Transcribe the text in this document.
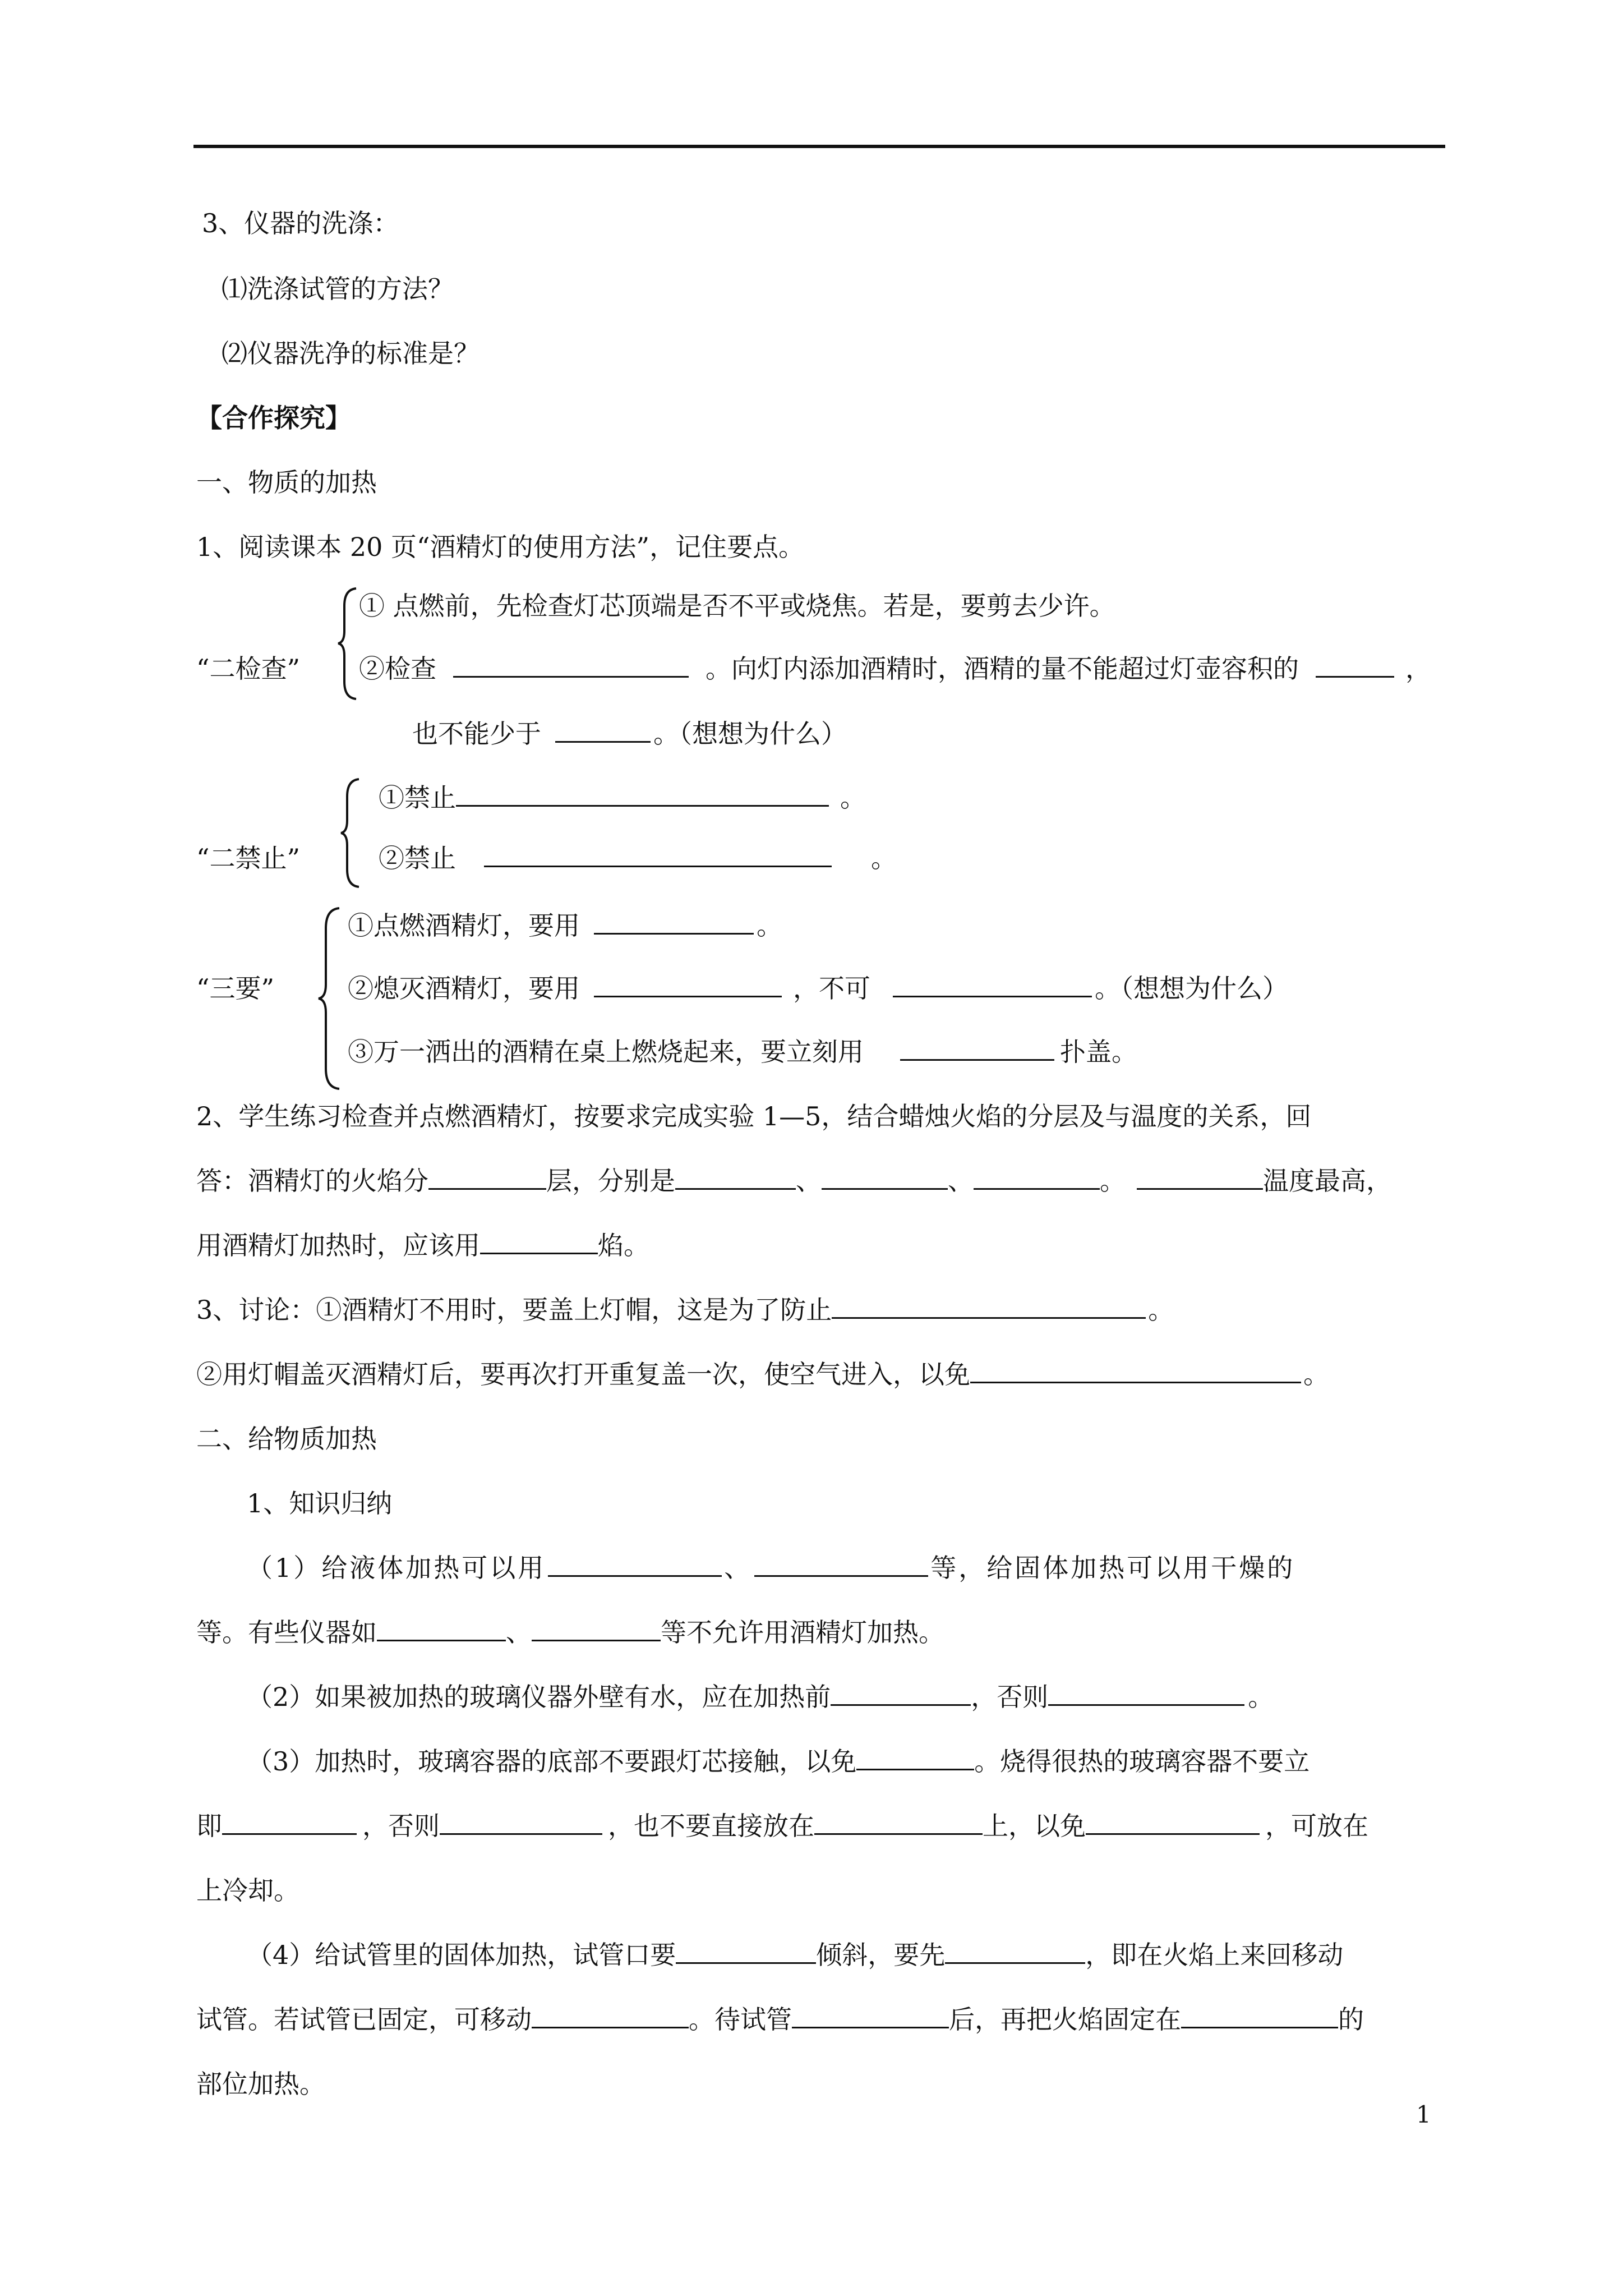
3、仪器的洗涤：
⑴洗涤试管的方法？
⑵仪器洗净的标准是？
【合作探究】
一、物质的加热
1、阅读课本 20 页“酒精灯的使用方法”，记住要点。
“二检查”
① 点燃前，先检查灯芯顶端是否不平或烧焦。若是，要剪去少许。
②检查	。向灯内添加酒精时，酒精的量不能超过灯壶容积的	，
也不能少于	。（想想为什么）
“二禁止”
①禁止	。
②禁止	。
“三要”
①点燃酒精灯，要用	。
②熄灭酒精灯，要用	，不可	。（想想为什么）
③万一洒出的酒精在桌上燃烧起来，要立刻用	扑盖。
2、学生练习检查并点燃酒精灯，按要求完成实验 1—5，结合蜡烛火焰的分层及与温度的关系，回
答：酒精灯的火焰分	层，分别是	、	、	。	温度最高，
用酒精灯加热时，应该用	焰。
3、讨论：①酒精灯不用时，要盖上灯帽，这是为了防止	。
②用灯帽盖灭酒精灯后，要再次打开重复盖一次，使空气进入，以免	。
二、给物质加热
1、知识归纳
（1）给液体加热可以用	、	等，给固体加热可以用干燥的
等。有些仪器如	、	等不允许用酒精灯加热。
（2）如果被加热的玻璃仪器外壁有水，应在加热前	，否则	。
（3）加热时，玻璃容器的底部不要跟灯芯接触，以免	。烧得很热的玻璃容器不要立
即	，否则	，也不要直接放在	上，以免	，可放在
上冷却。
（4）给试管里的固体加热，试管口要	倾斜，要先	，即在火焰上来回移动
试管。若试管已固定，可移动	。待试管	后，再把火焰固定在	的
部位加热。
1
